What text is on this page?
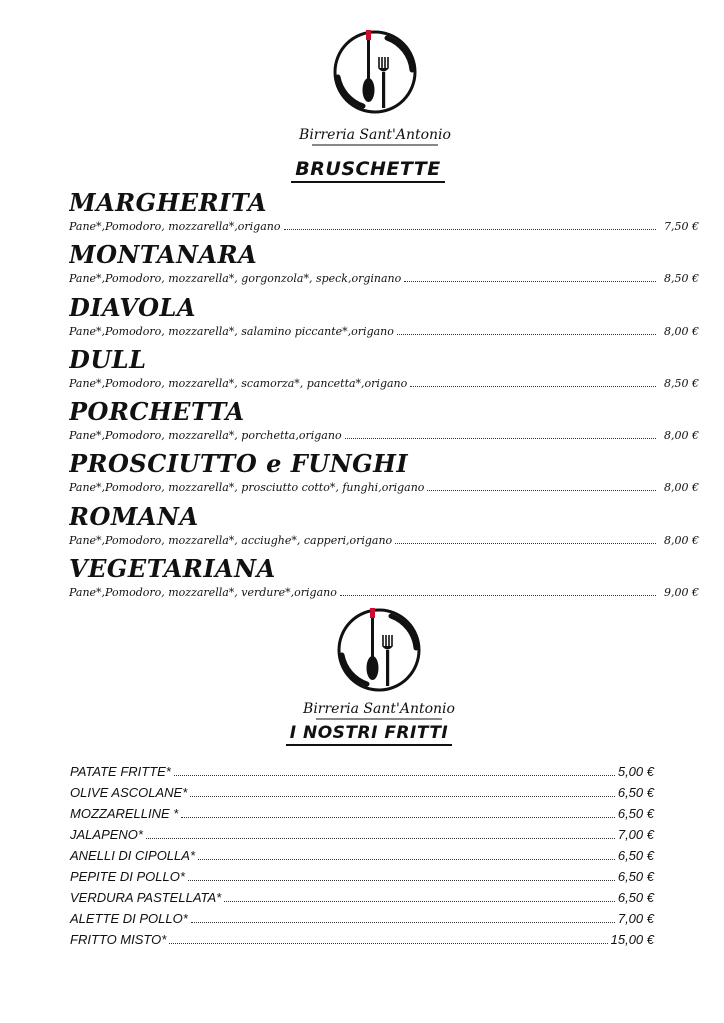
Birreria Sant'Antonio
BRUSCHETTE
MARGHERITA
Pane*,Pomodoro, mozzarella*,origano	7,50 €
MONTANARA
Pane*,Pomodoro, mozzarella*, gorgonzola*, speck,orginano	8,50 €
DIAVOLA
Pane*,Pomodoro, mozzarella*, salamino piccante*,origano	8,00 €
DULL
Pane*,Pomodoro, mozzarella*, scamorza*, pancetta*,origano	8,50 €
PORCHETTA
Pane*,Pomodoro, mozzarella*, porchetta,origano	8,00 €
PROSCIUTTO e FUNGHI
Pane*,Pomodoro, mozzarella*, prosciutto cotto*, funghi,origano	8,00 €
ROMANA
Pane*,Pomodoro, mozzarella*, acciughe*, capperi,origano	8,00 €
VEGETARIANA
Pane*,Pomodoro, mozzarella*, verdure*,origano	9,00 €
Birreria Sant'Antonio
I NOSTRI FRITTI
PATATE FRITTE*	5,00 €
OLIVE ASCOLANE*	6,50 €
MOZZARELLINE *	6,50 €
JALAPENO*	7,00 €
ANELLI DI CIPOLLA*	6,50 €
PEPITE DI POLLO*	6,50 €
VERDURA PASTELLATA*	6,50 €
ALETTE DI POLLO*	7,00 €
FRITTO MISTO*	15,00 €
